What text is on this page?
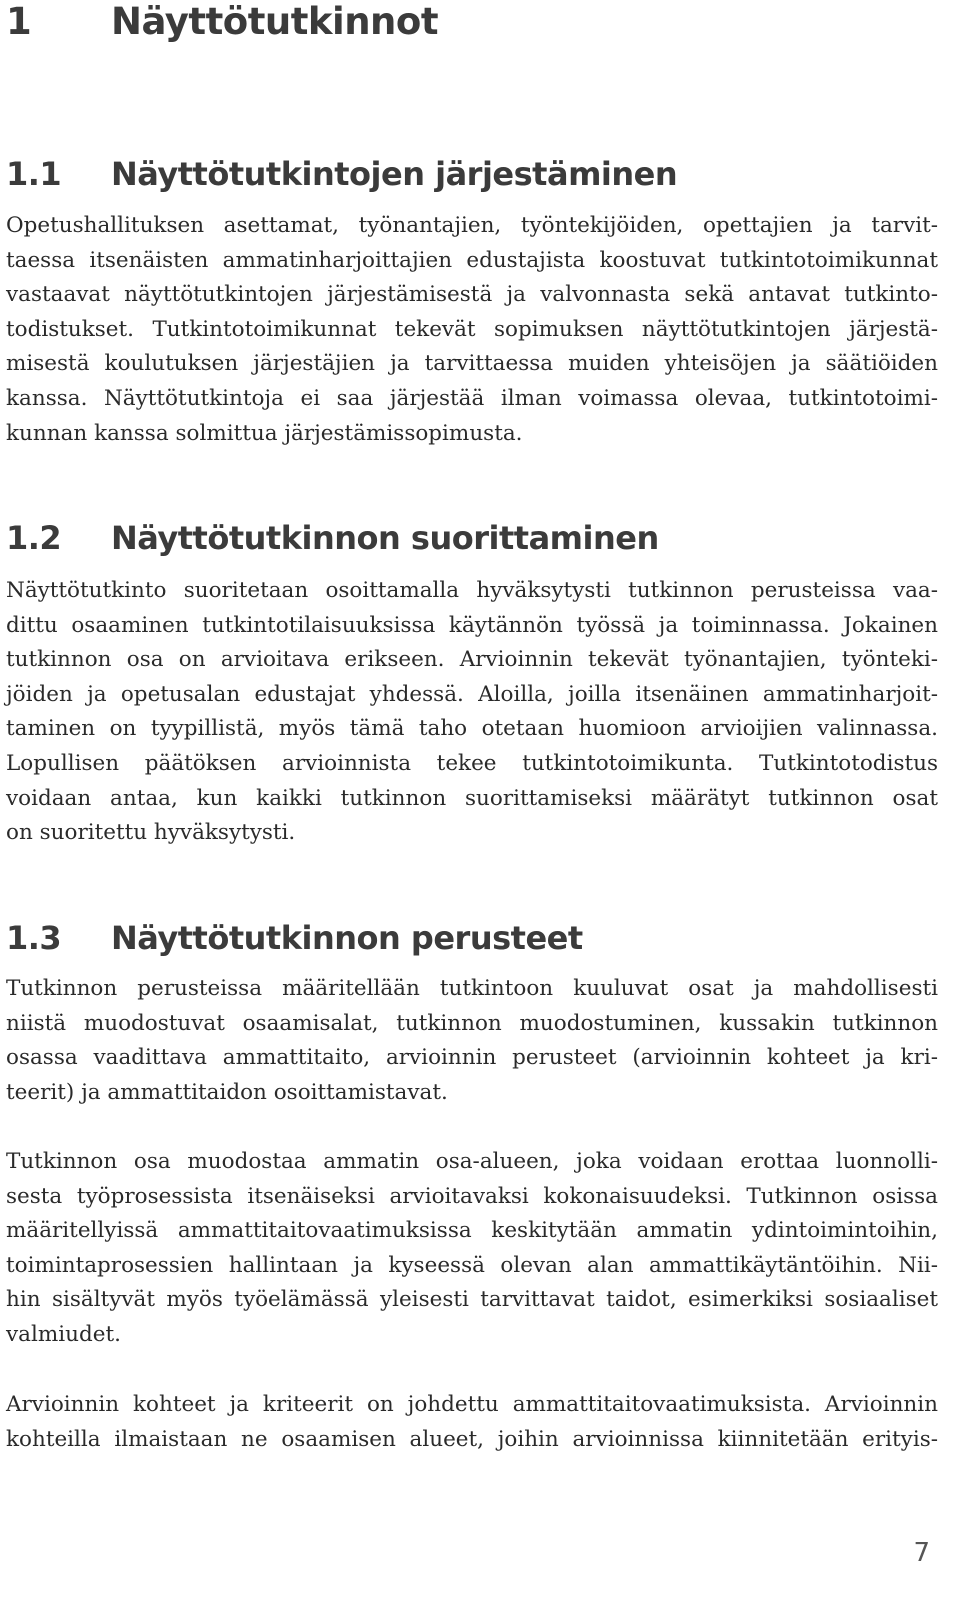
1 Näyttötutkinnot
1.1 Näyttötutkintojen järjestäminen
Opetushallituksen asettamat, työnantajien, työntekijöiden, opettajien ja tarvit-
taessa itsenäisten ammatinharjoittajien edustajista koostuvat tutkintotoimikunnat
vastaavat näyttötutkintojen järjestämisestä ja valvonnasta sekä antavat tutkinto-
todistukset. Tutkintotoimikunnat tekevät sopimuksen näyttötutkintojen järjestä-
misestä koulutuksen järjestäjien ja tarvittaessa muiden yhteisöjen ja säätiöiden
kanssa. Näyttötutkintoja ei saa järjestää ilman voimassa olevaa, tutkintotoimi-
kunnan kanssa solmittua järjestämissopimusta.
1.2 Näyttötutkinnon suorittaminen
Näyttötutkinto suoritetaan osoittamalla hyväksytysti tutkinnon perusteissa vaa-
dittu osaaminen tutkintotilaisuuksissa käytännön työssä ja toiminnassa. Jokainen
tutkinnon osa on arvioitava erikseen. Arvioinnin tekevät työnantajien, työnteki-
jöiden ja opetusalan edustajat yhdessä. Aloilla, joilla itsenäinen ammatinharjoit-
taminen on tyypillistä, myös tämä taho otetaan huomioon arvioijien valinnassa.
Lopullisen päätöksen arvioinnista tekee tutkintotoimikunta. Tutkintotodistus
voidaan antaa, kun kaikki tutkinnon suorittamiseksi määrätyt tutkinnon osat
on suoritettu hyväksytysti.
1.3 Näyttötutkinnon perusteet
Tutkinnon perusteissa määritellään tutkintoon kuuluvat osat ja mahdollisesti
niistä muodostuvat osaamisalat, tutkinnon muodostuminen, kussakin tutkinnon
osassa vaadittava ammattitaito, arvioinnin perusteet (arvioinnin kohteet ja kri-
teerit) ja ammattitaidon osoittamistavat.
Tutkinnon osa muodostaa ammatin osa-alueen, joka voidaan erottaa luonnolli-
sesta työprosessista itsenäiseksi arvioitavaksi kokonaisuudeksi. Tutkinnon osissa
määritellyissä ammattitaitovaatimuksissa keskitytään ammatin ydintoimintoihin,
toimintaprosessien hallintaan ja kyseessä olevan alan ammattikäytäntöihin. Nii-
hin sisältyvät myös työelämässä yleisesti tarvittavat taidot, esimerkiksi sosiaaliset
valmiudet.
Arvioinnin kohteet ja kriteerit on johdettu ammattitaitovaatimuksista. Arvioinnin
kohteilla ilmaistaan ne osaamisen alueet, joihin arvioinnissa kiinnitetään erityis-
7
